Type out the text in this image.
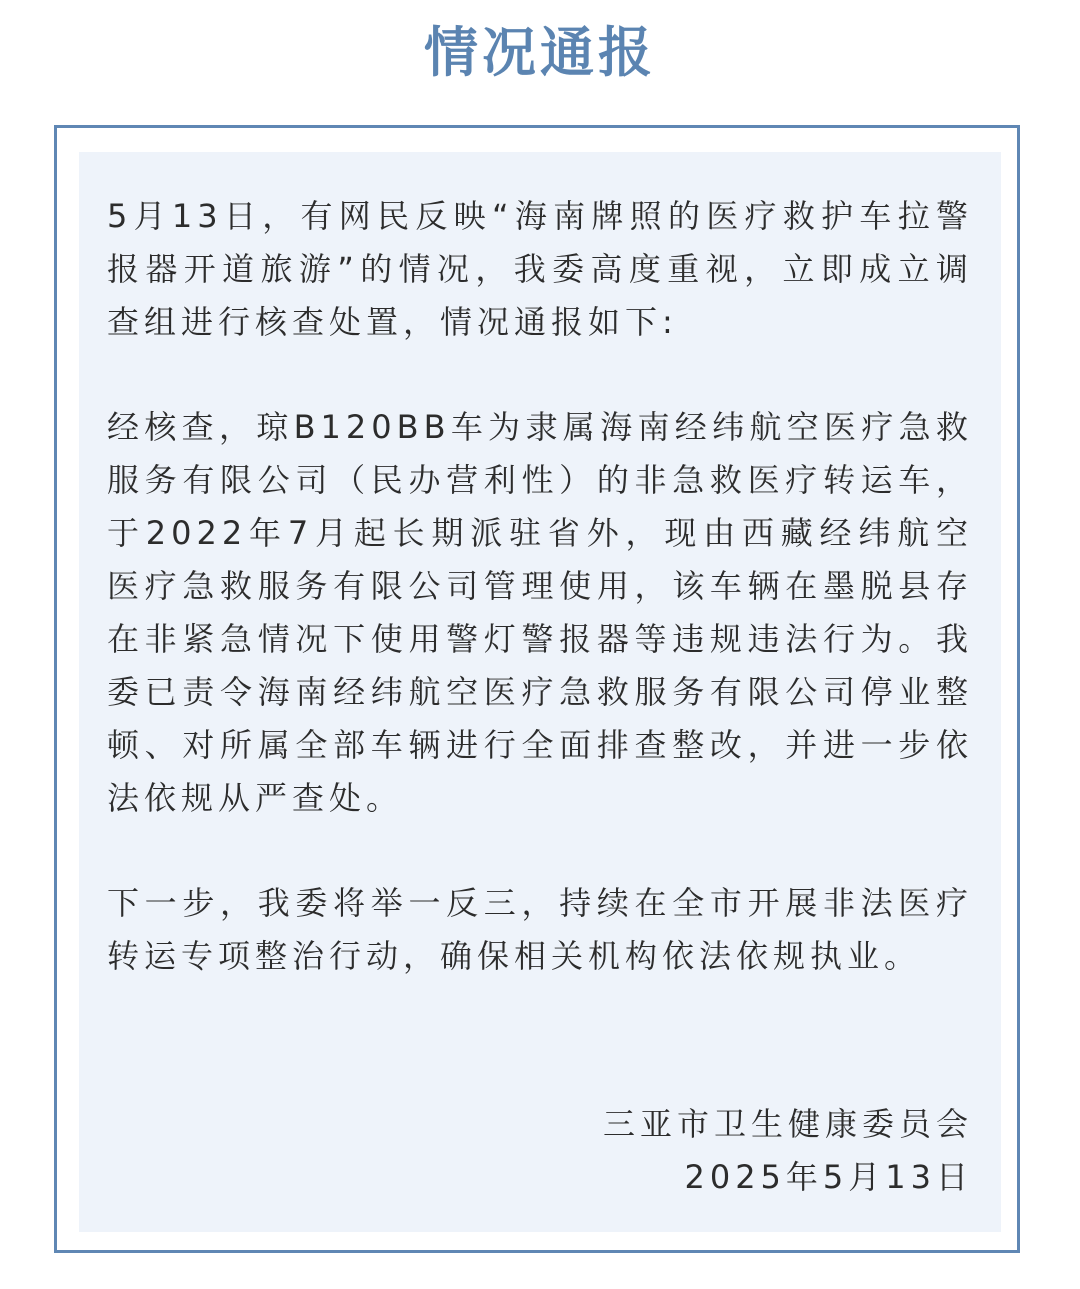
情况通报

5月13日，有网民反映“海南牌照的医疗救护车拉警报器开道旅游”的情况，我委高度重视，立即成立调查组进行核查处置，情况通报如下:

经核查，琼B120BB车为隶属海南经纬航空医疗急救服务有限公司（民办营利性）的非急救医疗转运车，于2022年7月起长期派驻省外，现由西藏经纬航空医疗急救服务有限公司管理使用，该车辆在墨脱县存在非紧急情况下使用警灯警报器等违规违法行为。我委已责令海南经纬航空医疗急救服务有限公司停业整顿、对所属全部车辆进行全面排查整改，并进一步依法依规从严查处。

下一步，我委将举一反三，持续在全市开展非法医疗转运专项整治行动，确保相关机构依法依规执业。

三亚市卫生健康委员会
2025年5月13日
